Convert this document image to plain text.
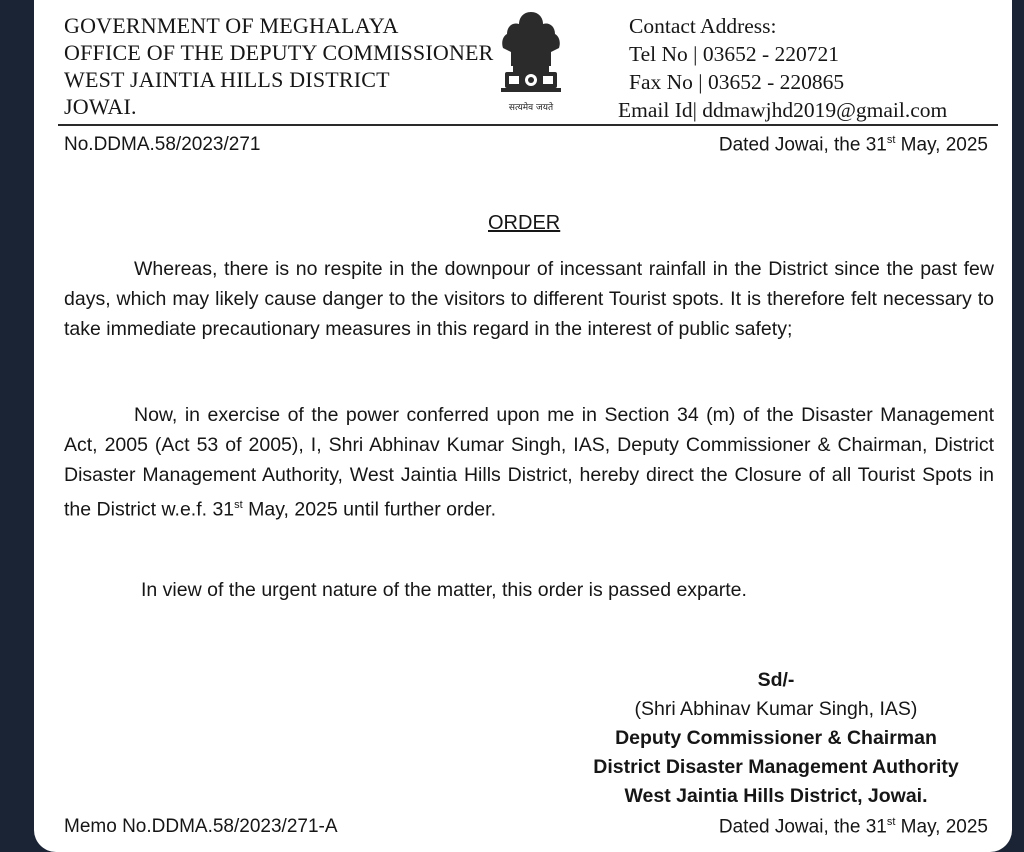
GOVERNMENT OF MEGHALAYA
OFFICE OF THE DEPUTY COMMISSIONER
WEST JAINTIA HILLS DISTRICT
JOWAI.	सत्यमेव जयते
Contact Address:
Tel No | 03652 - 220721
Fax No | 03652 - 220865
Email Id| ddmawjhd2019@gmail.com
No.DDMA.58/2023/271	Dated Jowai, the 31st May, 2025
ORDER
Whereas, there is no respite in the downpour of incessant rainfall in the District since the past few days, which may likely cause danger to the visitors to different Tourist spots. It is therefore felt necessary to take immediate precautionary measures in this regard in the interest of public safety;
Now, in exercise of the power conferred upon me in Section 34 (m) of the Disaster Management Act, 2005 (Act 53 of 2005), I, Shri Abhinav Kumar Singh, IAS, Deputy Commissioner & Chairman, District Disaster Management Authority, West Jaintia Hills District, hereby direct the Closure of all Tourist Spots in the District w.e.f. 31st May, 2025 until further order.
In view of the urgent nature of the matter, this order is passed exparte.
Sd/-
(Shri Abhinav Kumar Singh, IAS)
Deputy Commissioner & Chairman
District Disaster Management Authority
West Jaintia Hills District, Jowai.
Memo No.DDMA.58/2023/271-A	Dated Jowai, the 31st May, 2025
